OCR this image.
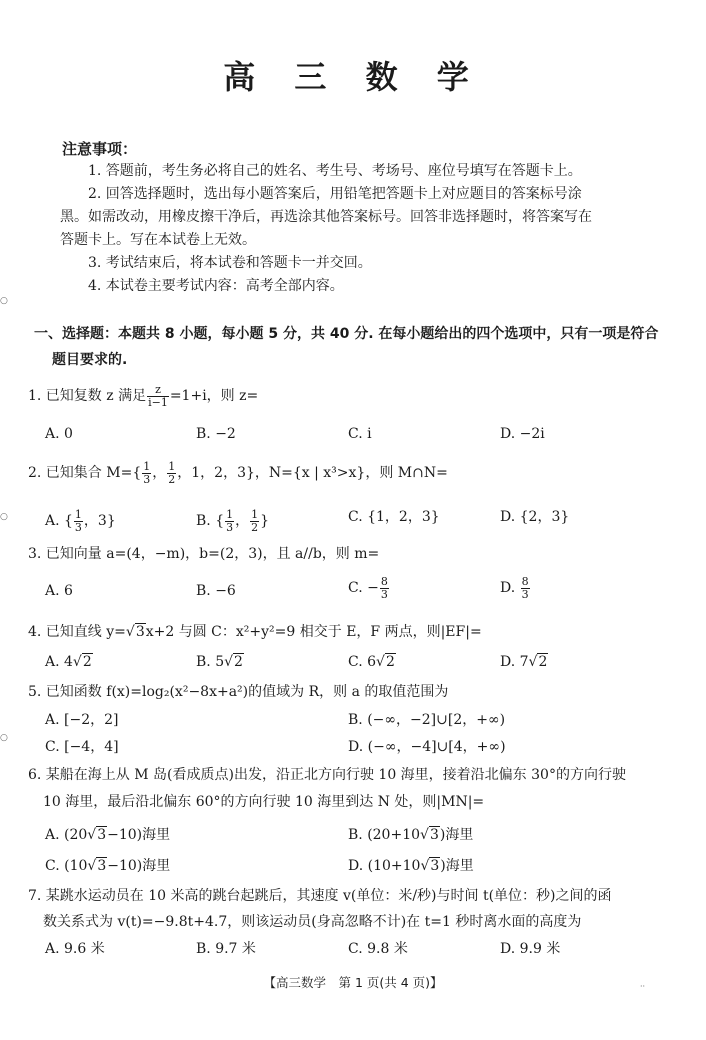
高 三 数 学
注意事项：
1. 答题前，考生务必将自己的姓名、考生号、考场号、座位号填写在答题卡上。
2. 回答选择题时，选出每小题答案后，用铅笔把答题卡上对应题目的答案标号涂
黑。如需改动，用橡皮擦干净后，再选涂其他答案标号。回答非选择题时，将答案写在
答题卡上。写在本试卷上无效。
3. 考试结束后，将本试卷和答题卡一并交回。
4. 本试卷主要考试内容：高考全部内容。
一、选择题：本题共 8 小题，每小题 5 分，共 40 分. 在每小题给出的四个选项中，只有一项是符合
题目要求的.
1. 已知复数 z 满足 $\frac{z}{i-1} =1+i$，则 z=
A. 0	B. −2	C. i	D. −2i
2. 已知集合 $M=\{ \frac{1}{3}$ ， $\frac{1}{2}$ ，1，2，3}，N={x | x³>x}，则 M∩N=
A. { $\frac{1}{3}$ ，3}	B. { $\frac{1}{3}$ ， $\frac{1}{2}$ }	C. {1，2，3}	D. {2，3}
3. 已知向量 a=(4，−m)，b=(2，3)，且 a//b，则 m=
A. 6	B. −6	C. − $\frac{8}{3}$	D. $\frac{8}{3}$
4. 已知直线 y=√3x+2 与圆 C：x²+y²=9 相交于 E，F 两点，则|EF|=
A. 4√2	B. 5√2	C. 6√2	D. 7√2
5. 已知函数 f(x)=log₂(x²−8x+a²)的值域为 R，则 a 的取值范围为
A. [−2，2]	B. (−∞，−2]∪[2，+∞)
C. [−4，4]	D. (−∞，−4]∪[4，+∞)
6. 某船在海上从 M 岛(看成质点)出发，沿正北方向行驶 10 海里，接着沿北偏东 30°的方向行驶
10 海里，最后沿北偏东 60°的方向行驶 10 海里到达 N 处，则|MN|=
A. (20√3−10)海里	B. (20+10√3)海里
C. (10√3−10)海里	D. (10+10√3)海里
7. 某跳水运动员在 10 米高的跳台起跳后，其速度 v(单位：米/秒)与时间 t(单位：秒)之间的函
数关系式为 v(t)=−9.8t+4.7，则该运动员(身高忽略不计)在 t=1 秒时离水面的高度为
A. 9.6 米	B. 9.7 米	C. 9.8 米	D. 9.9 米
【高三数学　第 1 页(共 4 页)】
○
○
○
··
